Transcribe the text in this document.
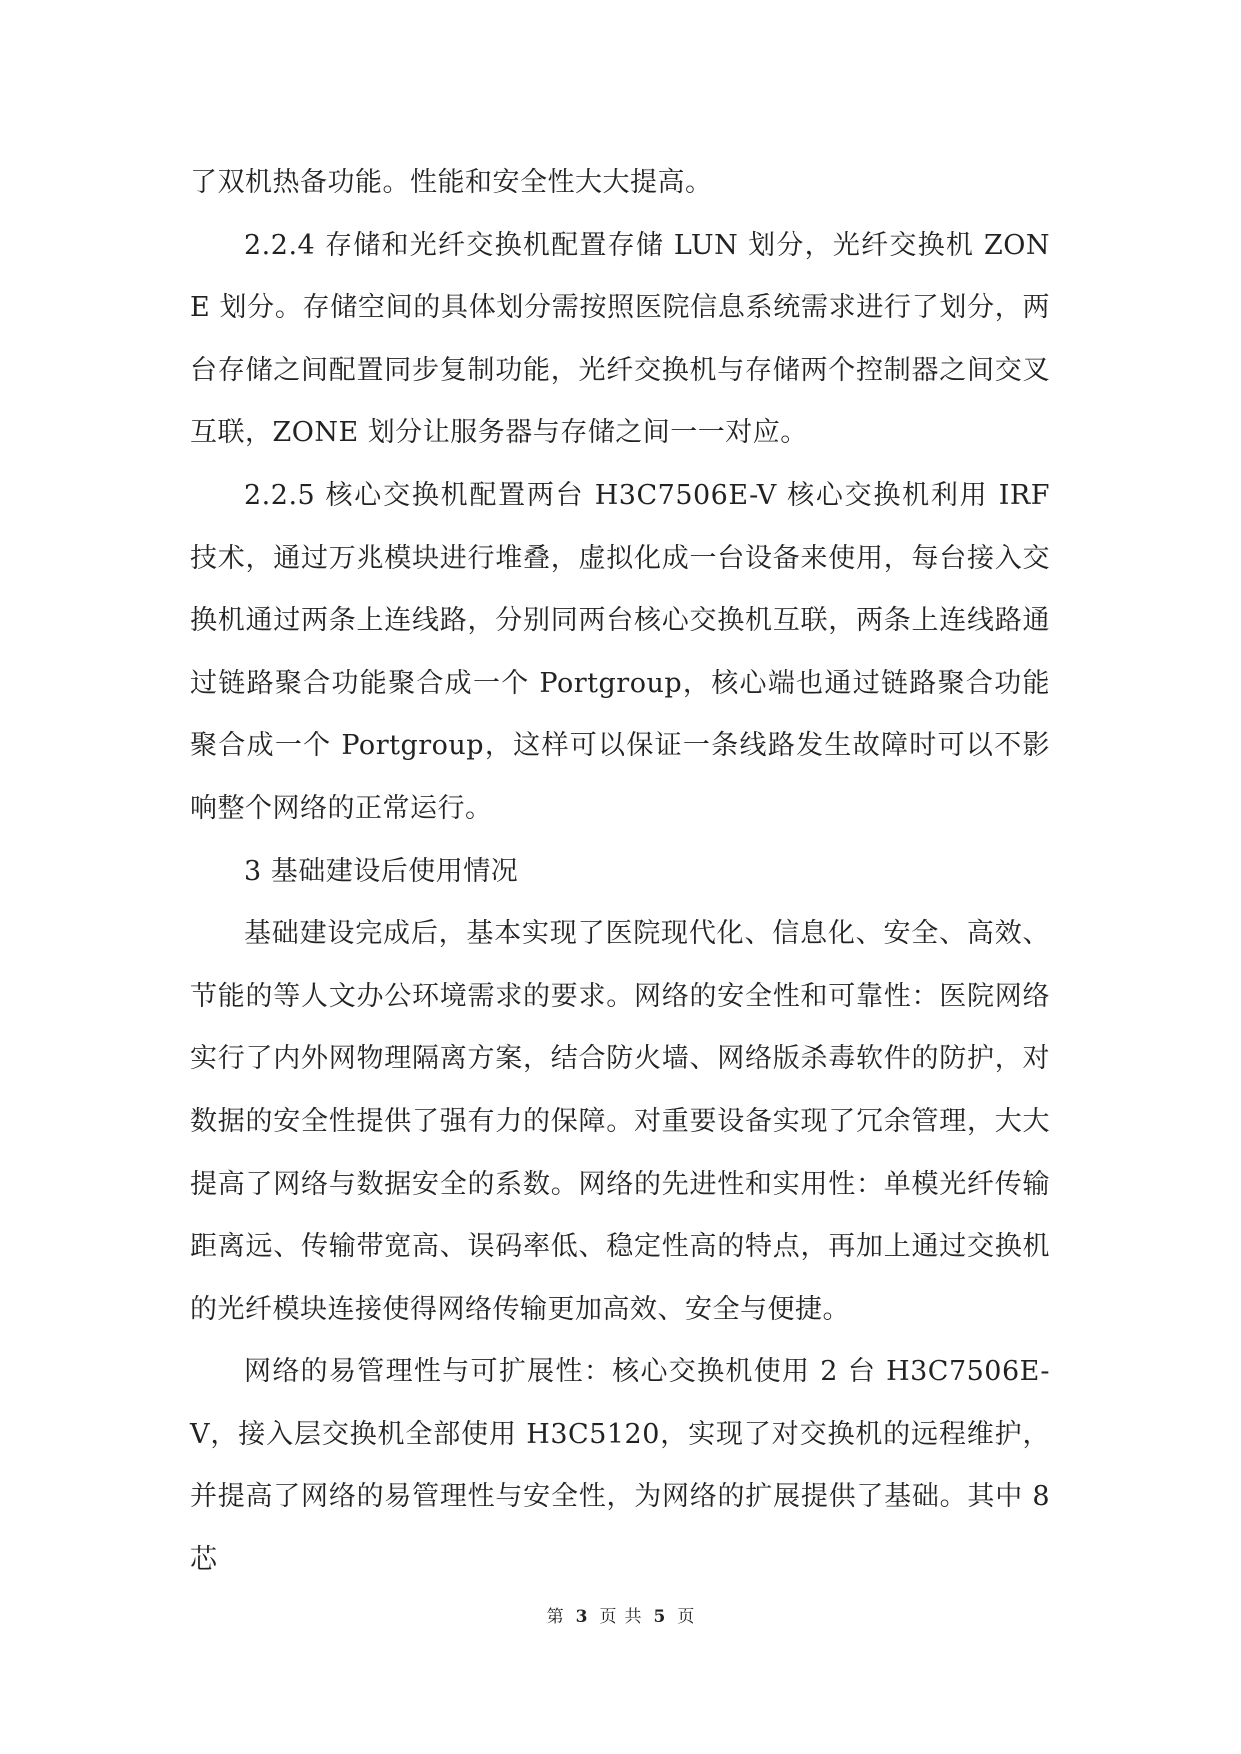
了双机热备功能。性能和安全性大大提高。

2.2.4 存储和光纤交换机配置存储 LUN 划分，光纤交换机 ZONE 划分。存储空间的具体划分需按照医院信息系统需求进行了划分，两台存储之间配置同步复制功能，光纤交换机与存储两个控制器之间交叉互联，ZONE 划分让服务器与存储之间一一对应。

2.2.5 核心交换机配置两台 H3C7506E-V 核心交换机利用 IRF 技术，通过万兆模块进行堆叠，虚拟化成一台设备来使用，每台接入交换机通过两条上连线路，分别同两台核心交换机互联，两条上连线路通过链路聚合功能聚合成一个 Portgroup，核心端也通过链路聚合功能聚合成一个 Portgroup，这样可以保证一条线路发生故障时可以不影响整个网络的正常运行。

3 基础建设后使用情况

基础建设完成后，基本实现了医院现代化、信息化、安全、高效、节能的等人文办公环境需求的要求。网络的安全性和可靠性：医院网络实行了内外网物理隔离方案，结合防火墙、网络版杀毒软件的防护，对数据的安全性提供了强有力的保障。对重要设备实现了冗余管理，大大提高了网络与数据安全的系数。网络的先进性和实用性：单模光纤传输距离远、传输带宽高、误码率低、稳定性高的特点，再加上通过交换机的光纤模块连接使得网络传输更加高效、安全与便捷。

网络的易管理性与可扩展性：核心交换机使用 2 台 H3C7506E-V，接入层交换机全部使用 H3C5120，实现了对交换机的远程维护，并提高了网络的易管理性与安全性，为网络的扩展提供了基础。其中 8 芯

第 3 页 共 5 页
